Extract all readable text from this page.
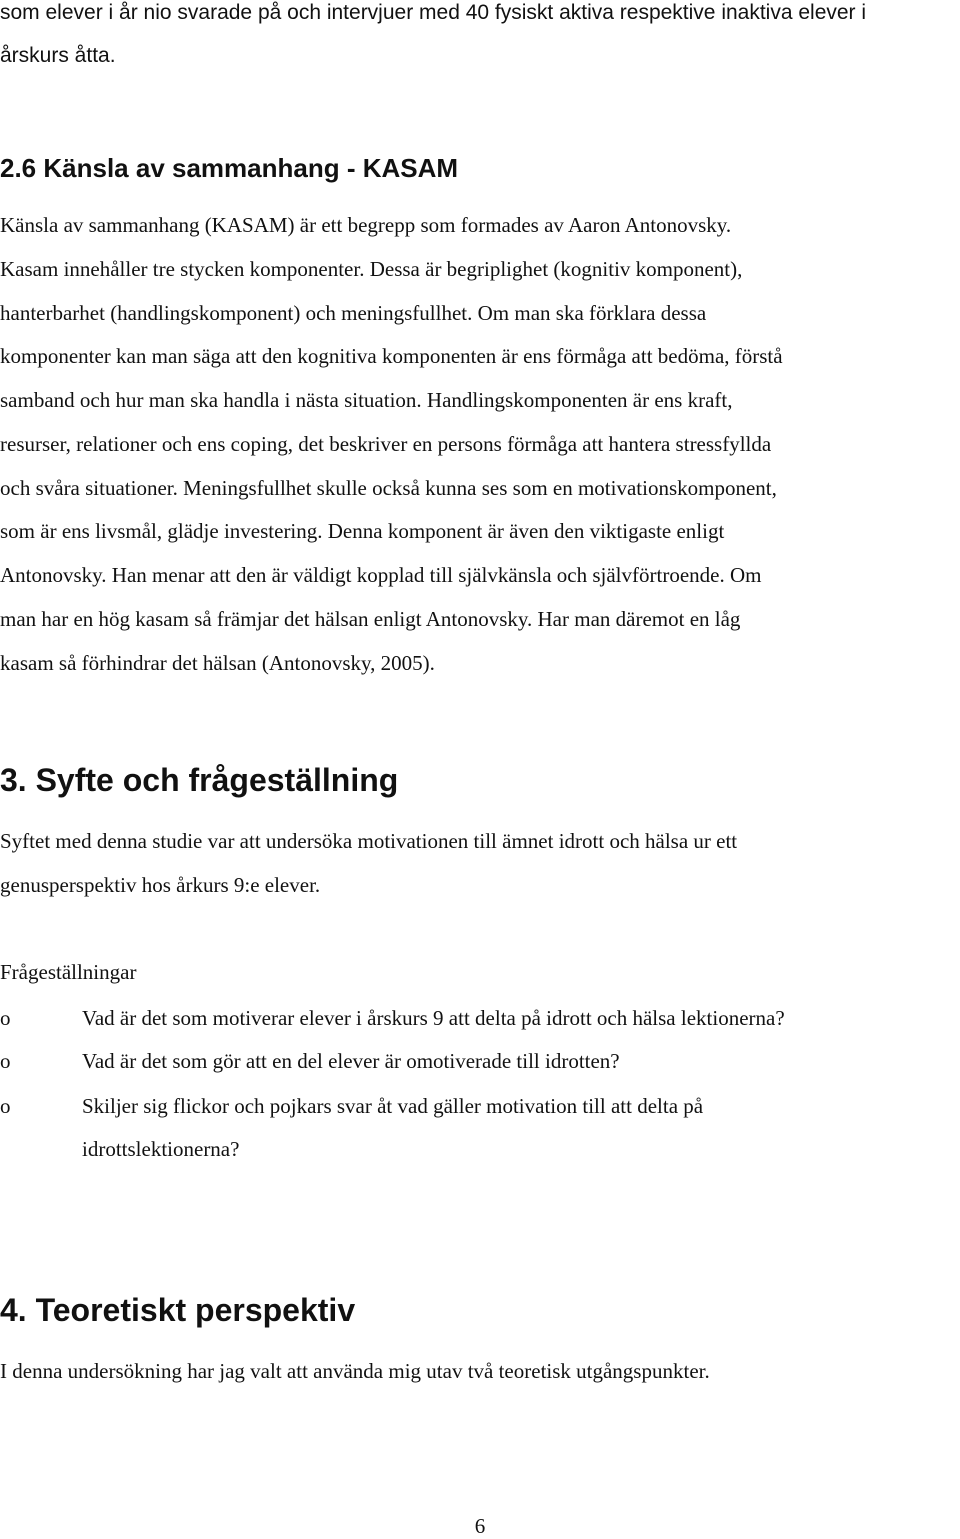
som elever i år nio svarade på och intervjuer med 40 fysiskt aktiva respektive inaktiva elever i
årskurs åtta.
2.6 Känsla av sammanhang - KASAM
Känsla av sammanhang (KASAM) är ett begrepp som formades av Aaron Antonovsky.
Kasam innehåller tre stycken komponenter. Dessa är begriplighet (kognitiv komponent),
hanterbarhet (handlingskomponent) och meningsfullhet. Om man ska förklara dessa
komponenter kan man säga att den kognitiva komponenten är ens förmåga att bedöma, förstå
samband och hur man ska handla i nästa situation. Handlingskomponenten är ens kraft,
resurser, relationer och ens coping, det beskriver en persons förmåga att hantera stressfyllda
och svåra situationer. Meningsfullhet skulle också kunna ses som en motivationskomponent,
som är ens livsmål, glädje investering. Denna komponent är även den viktigaste enligt
Antonovsky. Han menar att den är väldigt kopplad till självkänsla och självförtroende. Om
man har en hög kasam så främjar det hälsan enligt Antonovsky. Har man däremot en låg
kasam så förhindrar det hälsan (Antonovsky, 2005).
3. Syfte och frågeställning
Syftet med denna studie var att undersöka motivationen till ämnet idrott och hälsa ur ett
genusperspektiv hos årkurs 9:e elever.
Frågeställningar
o	Vad är det som motiverar elever i årskurs 9 att delta på idrott och hälsa lektionerna?
o	Vad är det som gör att en del elever är omotiverade till idrotten?
o	Skiljer sig flickor och pojkars svar åt vad gäller motivation till att delta på
idrottslektionerna?
4. Teoretiskt perspektiv
I denna undersökning har jag valt att använda mig utav två teoretisk utgångspunkter.
6
